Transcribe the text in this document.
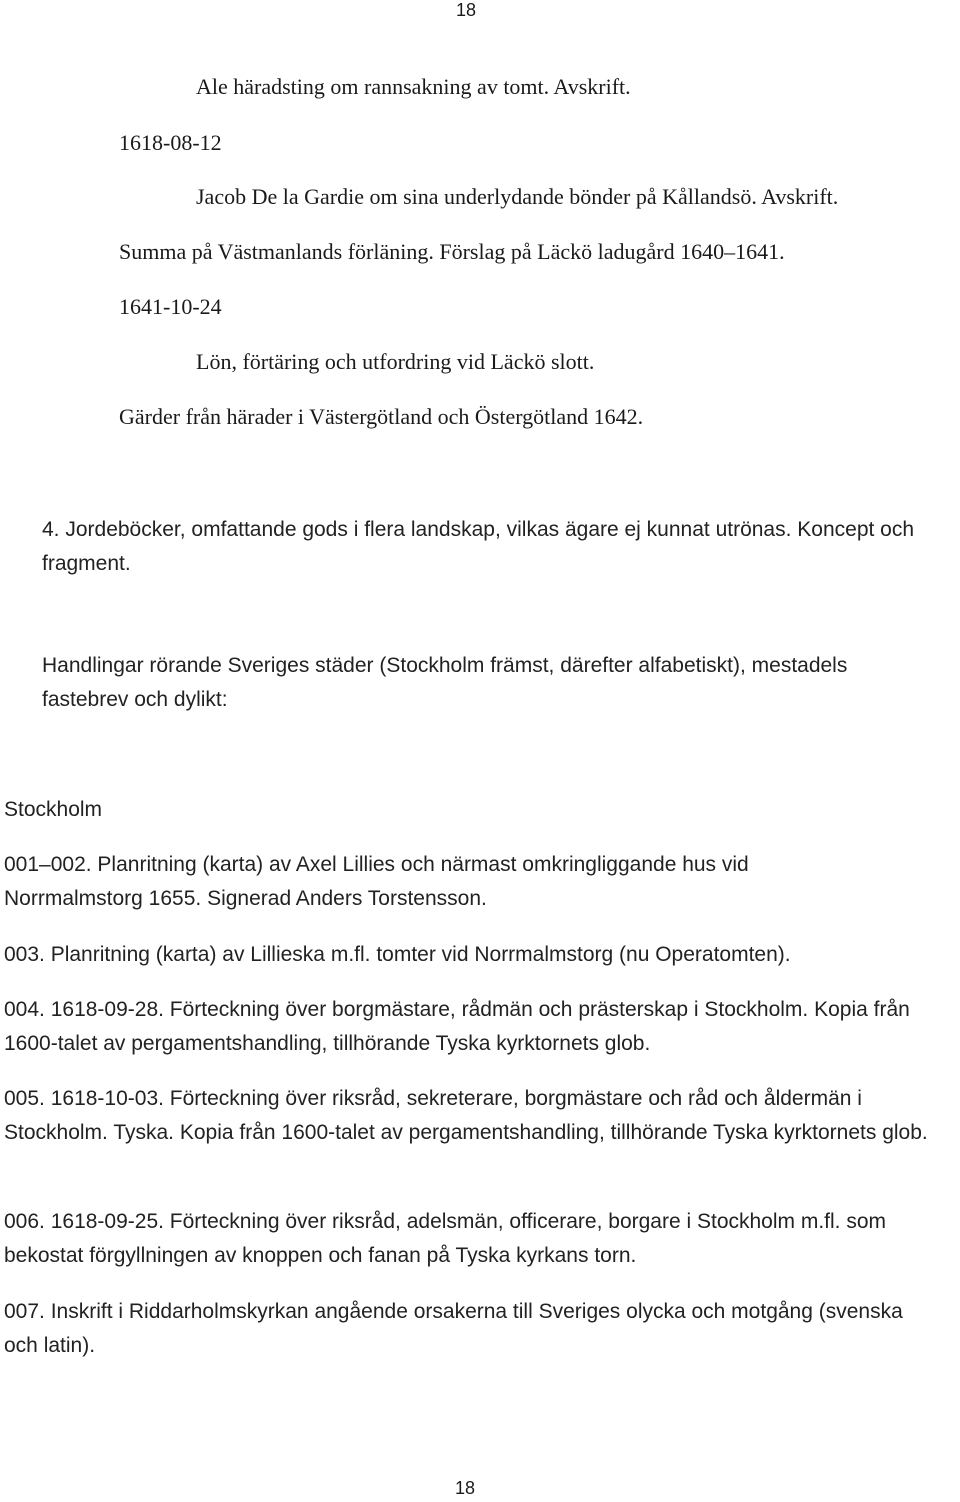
18
Ale häradsting om rannsakning av tomt. Avskrift.
1618-08-12
Jacob De la Gardie om sina underlydande bönder på Kållandsö. Avskrift.
Summa på Västmanlands förläning. Förslag på Läckö ladugård 1640–1641.
1641-10-24
Lön, förtäring och utfordring vid Läckö slott.
Gärder från härader i Västergötland och Östergötland 1642.
4. Jordeböcker, omfattande gods i flera landskap, vilkas ägare ej kunnat utrönas. Koncept och fragment.
Handlingar rörande Sveriges städer (Stockholm främst, därefter alfabetiskt), mestadels fastebrev och dylikt:
Stockholm
001–002. Planritning (karta) av Axel Lillies och närmast omkringliggande hus vid Norrmalmstorg 1655. Signerad Anders Torstensson.
003. Planritning (karta) av Lillieska m.fl. tomter vid Norrmalmstorg (nu Operatomten).
004. 1618-09-28. Förteckning över borgmästare, rådmän och prästerskap i Stockholm. Kopia från 1600-talet av pergamentshandling, tillhörande Tyska kyrktornets glob.
005. 1618-10-03. Förteckning över riksråd, sekreterare, borgmästare och råd och åldermän i Stockholm. Tyska. Kopia från 1600-talet av pergamentshandling, tillhörande Tyska kyrktornets glob.
006. 1618-09-25. Förteckning över riksråd, adelsmän, officerare, borgare i Stockholm m.fl. som bekostat förgyllningen av knoppen och fanan på Tyska kyrkans torn.
007. Inskrift i Riddarholmskyrkan angående orsakerna till Sveriges olycka och motgång (svenska och latin).
18
